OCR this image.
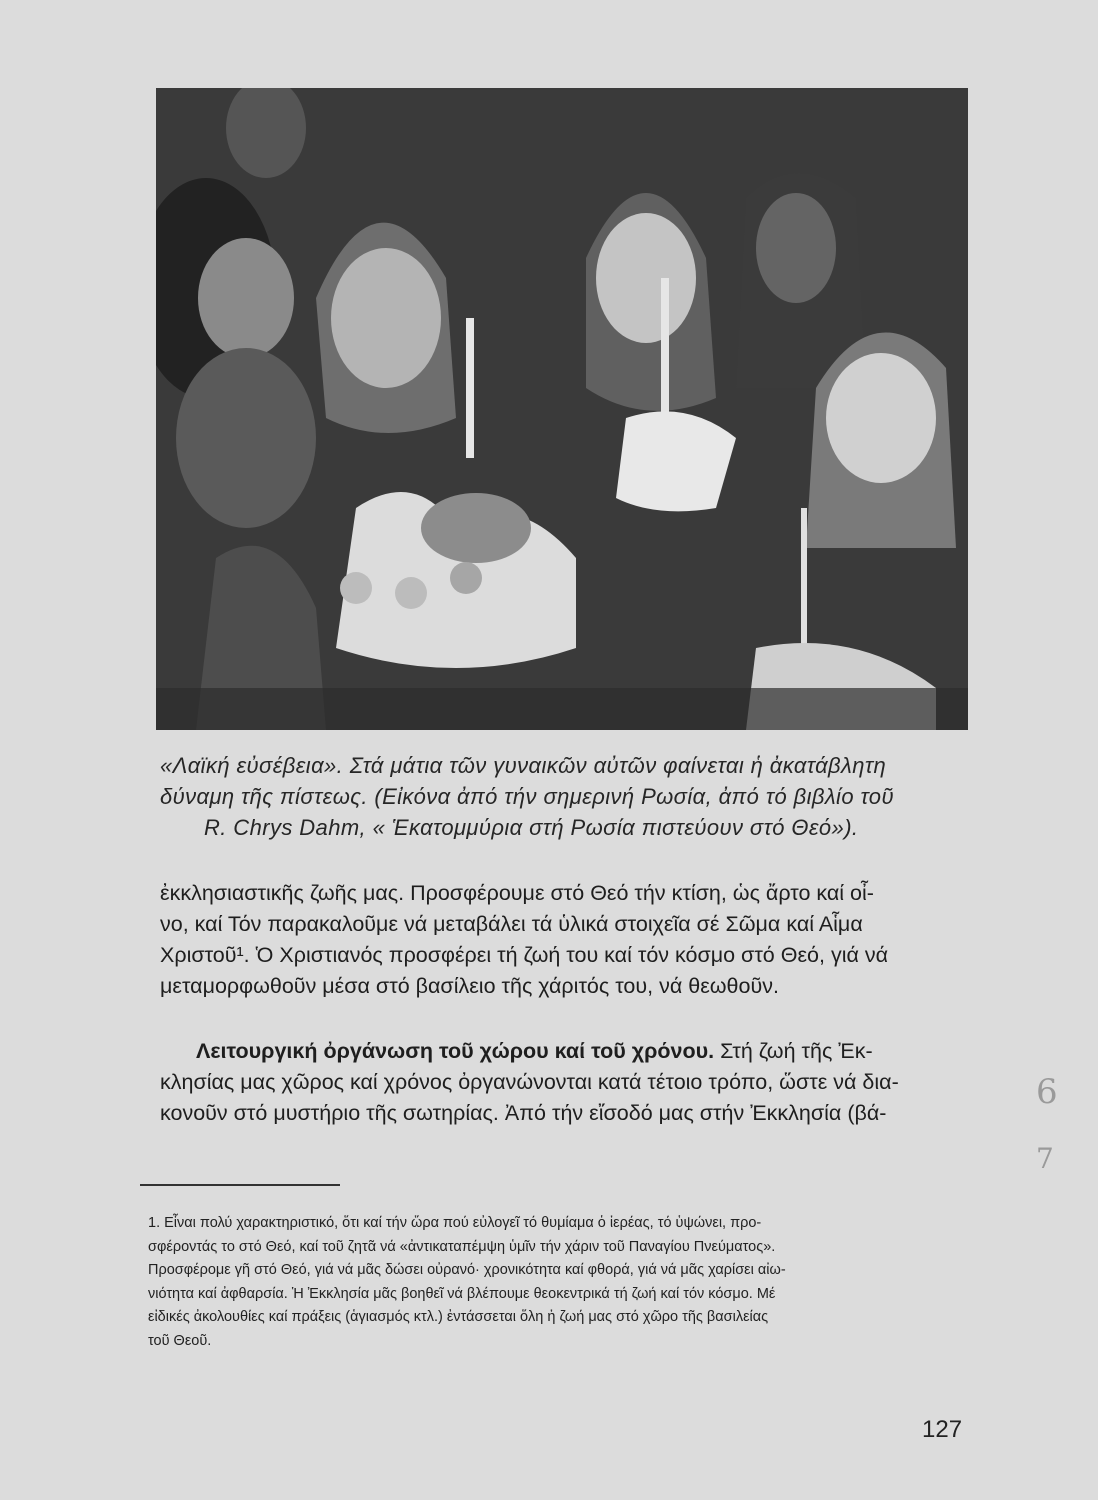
«Λαϊκή εὐσέβεια». Στά μάτια τῶν γυναικῶν αὐτῶν φαίνεται ἡ ἀκατάβλητη
δύναμη τῆς πίστεως. (Εἰκόνα ἀπό τήν σημερινή Ρωσία, ἀπό τό βιβλίο τοῦ
R. Chrys Dahm, « Ἑκατομμύρια στή Ρωσία πιστεύουν στό Θεό»).
ἐκκλησιαστικῆς ζωῆς μας. Προσφέρουμε στό Θεό τήν κτίση, ὡς ἄρτο καί οἶ-
νο, καί Τόν παρακαλοῦμε νά μεταβάλει τά ὑλικά στοιχεῖα σέ Σῶμα καί Αἷμα
Χριστοῦ¹. Ὁ Χριστιανός προσφέρει τή ζωή του καί τόν κόσμο στό Θεό, γιά νά
μεταμορφωθοῦν μέσα στό βασίλειο τῆς χάριτός του, νά θεωθοῦν.
Λειτουργική ὀργάνωση τοῦ χώρου καί τοῦ χρόνου. Στή ζωή τῆς Ἐκ-
κλησίας μας χῶρος καί χρόνος ὀργανώνονται κατά τέτοιο τρόπο, ὥστε νά δια-
κονοῦν στό μυστήριο τῆς σωτηρίας. Ἀπό τήν εἴσοδό μας στήν Ἐκκλησία (βά-
1. Εἶναι πολύ χαρακτηριστικό, ὅτι καί τήν ὥρα πού εὐλογεῖ τό θυμίαμα ὁ ἱερέας, τό ὑψώνει, προ-
σφέροντάς το στό Θεό, καί τοῦ ζητᾶ νά «ἀντικαταπέμψη ὑμῖν τήν χάριν τοῦ Παναγίου Πνεύματος».
Προσφέρομε γῆ στό Θεό, γιά νά μᾶς δώσει οὐρανό· χρονικότητα καί φθορά, γιά νά μᾶς χαρίσει αἰω-
νιότητα καί ἀφθαρσία. Ἡ Ἐκκλησία μᾶς βοηθεῖ νά βλέπουμε θεοκεντρικά τή ζωή καί τόν κόσμο. Μέ
εἰδικές ἀκολουθίες καί πράξεις (ἁγιασμός κτλ.) ἐντάσσεται ὅλη ἡ ζωή μας στό χῶρο τῆς βασιλείας
τοῦ Θεοῦ.
127
6
7
